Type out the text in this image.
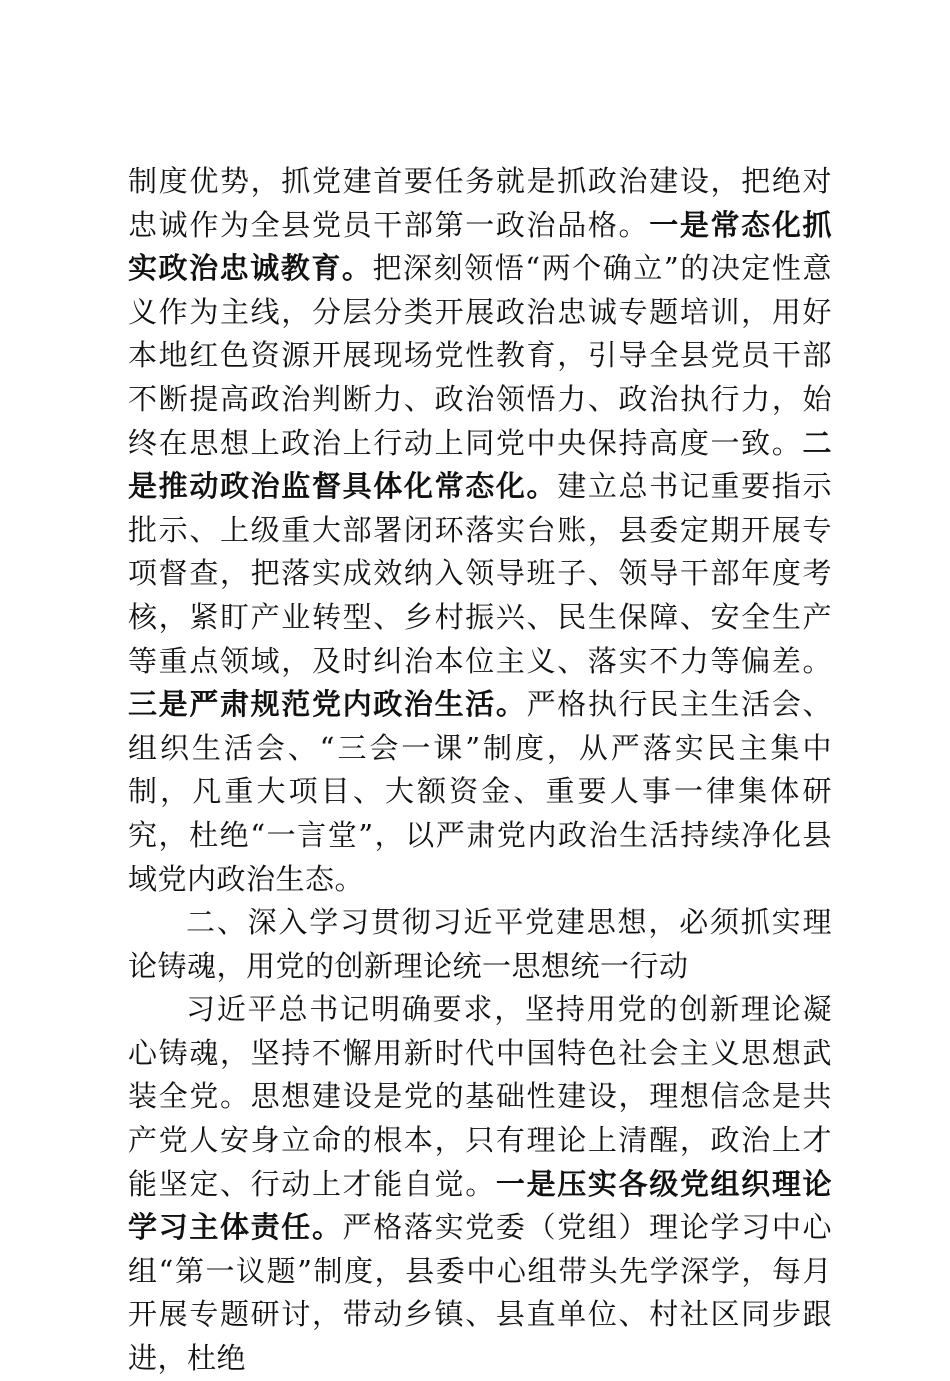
制度优势，抓党建首要任务就是抓政治建设，把绝对忠诚作为全县党员干部第一政治品格。一是常态化抓实政治忠诚教育。把深刻领悟“两个确立”的决定性意义作为主线，分层分类开展政治忠诚专题培训，用好本地红色资源开展现场党性教育，引导全县党员干部不断提高政治判断力、政治领悟力、政治执行力，始终在思想上政治上行动上同党中央保持高度一致。二是推动政治监督具体化常态化。建立总书记重要指示批示、上级重大部署闭环落实台账，县委定期开展专项督查，把落实成效纳入领导班子、领导干部年度考核，紧盯产业转型、乡村振兴、民生保障、安全生产等重点领域，及时纠治本位主义、落实不力等偏差。三是严肃规范党内政治生活。严格执行民主生活会、组织生活会、“三会一课”制度，从严落实民主集中制，凡重大项目、大额资金、重要人事一律集体研究，杜绝“一言堂”，以严肃党内政治生活持续净化县域党内政治生态。

二、深入学习贯彻习近平党建思想，必须抓实理论铸魂，用党的创新理论统一思想统一行动

习近平总书记明确要求，坚持用党的创新理论凝心铸魂，坚持不懈用新时代中国特色社会主义思想武装全党。思想建设是党的基础性建设，理想信念是共产党人安身立命的根本，只有理论上清醒，政治上才能坚定、行动上才能自觉。一是压实各级党组织理论学习主体责任。严格落实党委（党组）理论学习中心组“第一议题”制度，县委中心组带头先学深学，每月开展专题研讨，带动乡镇、县直单位、村社区同步跟进，杜绝
